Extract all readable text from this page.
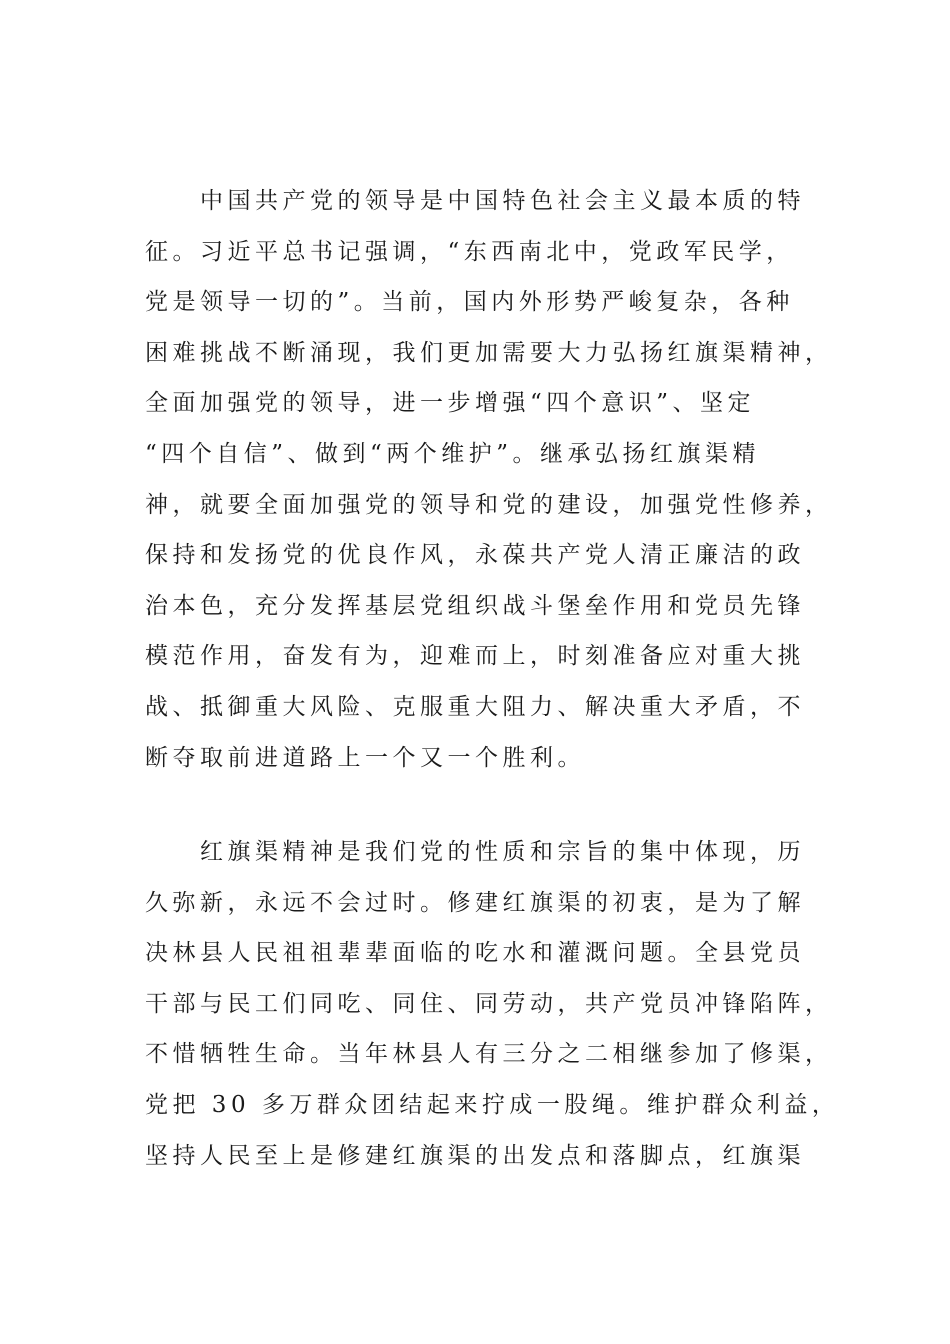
　　中国共产党的领导是中国特色社会主义最本质的特
征。习近平总书记强调，“东西南北中，党政军民学，
党是领导一切的”。当前，国内外形势严峻复杂，各种
困难挑战不断涌现，我们更加需要大力弘扬红旗渠精神，
全面加强党的领导，进一步增强“四个意识”、坚定
“四个自信”、做到“两个维护”。继承弘扬红旗渠精
神，就要全面加强党的领导和党的建设，加强党性修养，
保持和发扬党的优良作风，永葆共产党人清正廉洁的政
治本色，充分发挥基层党组织战斗堡垒作用和党员先锋
模范作用，奋发有为，迎难而上，时刻准备应对重大挑
战、抵御重大风险、克服重大阻力、解决重大矛盾，不
断夺取前进道路上一个又一个胜利。
　　红旗渠精神是我们党的性质和宗旨的集中体现，历
久弥新，永远不会过时。修建红旗渠的初衷，是为了解
决林县人民祖祖辈辈面临的吃水和灌溉问题。全县党员
干部与民工们同吃、同住、同劳动，共产党员冲锋陷阵，
不惜牺牲生命。当年林县人有三分之二相继参加了修渠，
党把 30 多万群众团结起来拧成一股绳。维护群众利益，
坚持人民至上是修建红旗渠的出发点和落脚点，红旗渠
